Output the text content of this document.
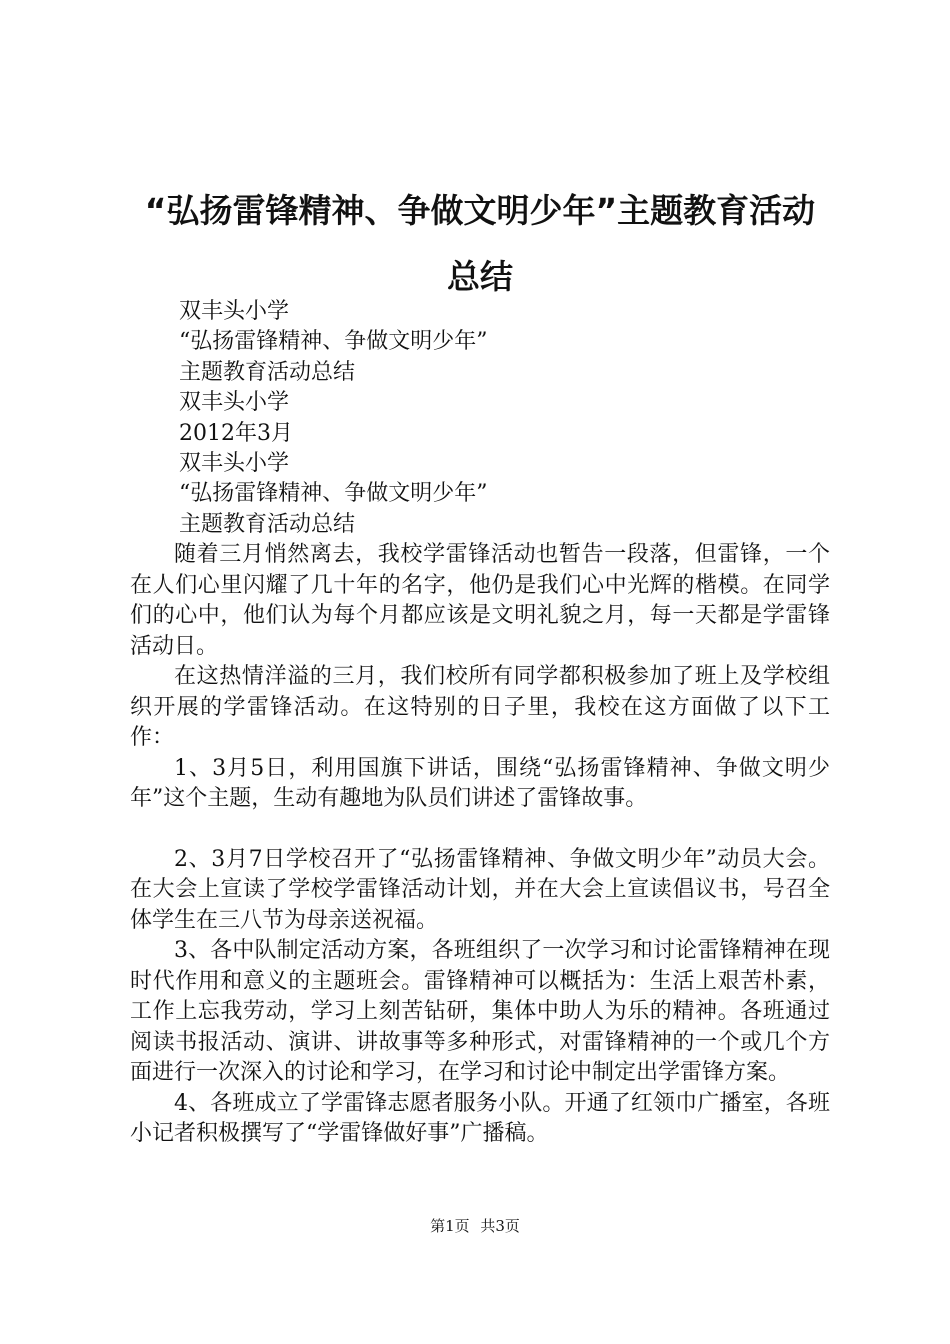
“弘扬雷锋精神、争做文明少年”主题教育活动总结
双丰头小学
“弘扬雷锋精神、争做文明少年”
主题教育活动总结
双丰头小学
2012年3月
双丰头小学
“弘扬雷锋精神、争做文明少年”
主题教育活动总结

随着三月悄然离去，我校学雷锋活动也暂告一段落，但雷锋，一个在人们心里闪耀了几十年的名字，他仍是我们心中光辉的楷模。在同学们的心中，他们认为每个月都应该是文明礼貌之月，每一天都是学雷锋活动日。

在这热情洋溢的三月，我们校所有同学都积极参加了班上及学校组织开展的学雷锋活动。在这特别的日子里，我校在这方面做了以下工作：

1、3月5日，利用国旗下讲话，围绕“弘扬雷锋精神、争做文明少年”这个主题，生动有趣地为队员们讲述了雷锋故事。

2、3月7日学校召开了“弘扬雷锋精神、争做文明少年”动员大会。在大会上宣读了学校学雷锋活动计划，并在大会上宣读倡议书，号召全体学生在三八节为母亲送祝福。

3、各中队制定活动方案，各班组织了一次学习和讨论雷锋精神在现时代作用和意义的主题班会。雷锋精神可以概括为：生活上艰苦朴素，工作上忘我劳动，学习上刻苦钻研，集体中助人为乐的精神。各班通过阅读书报活动、演讲、讲故事等多种形式，对雷锋精神的一个或几个方面进行一次深入的讨论和学习，在学习和讨论中制定出学雷锋方案。

4、各班成立了学雷锋志愿者服务小队。开通了红领巾广播室，各班小记者积极撰写了“学雷锋做好事”广播稿。

第1页 共3页
